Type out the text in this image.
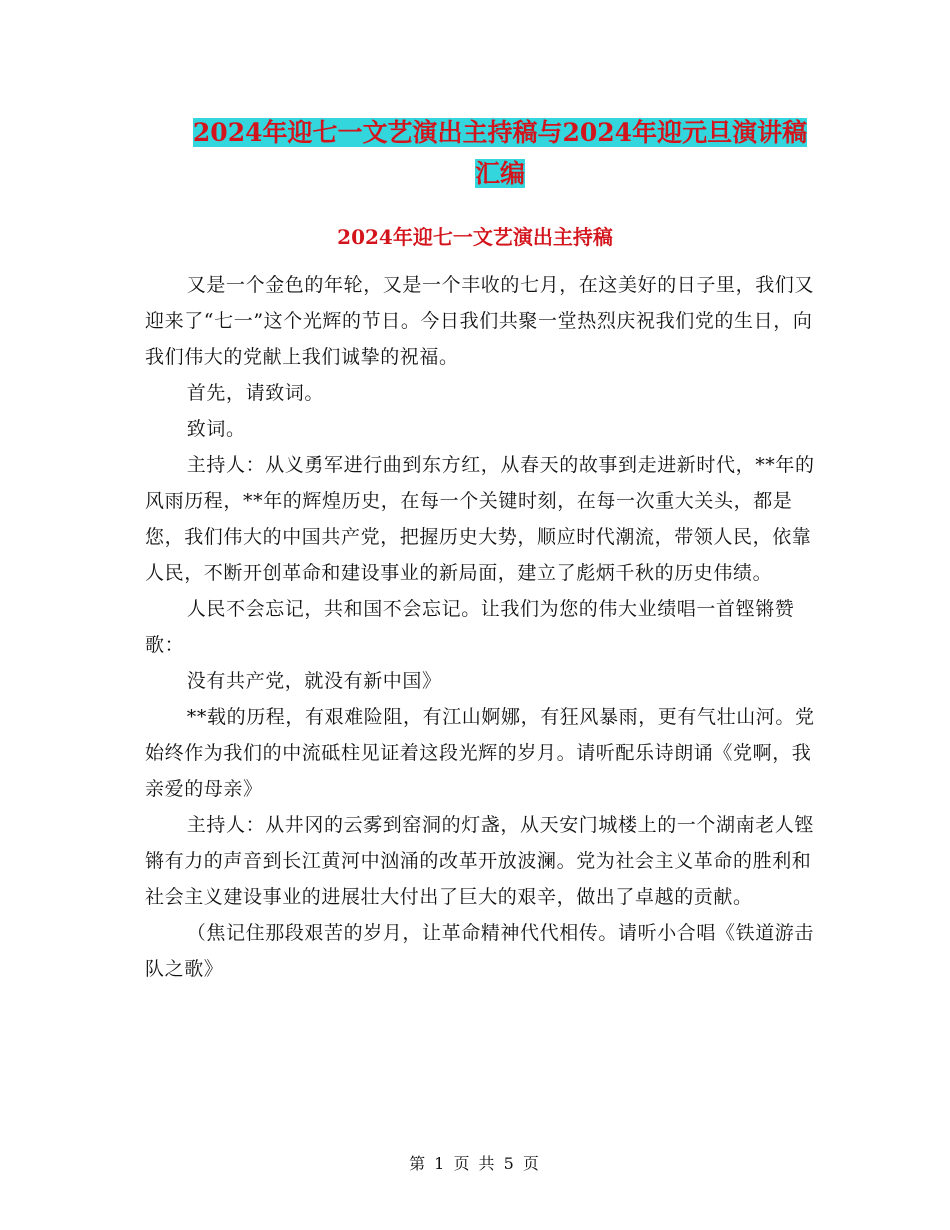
2024年迎七一文艺演出主持稿与2024年迎元旦演讲稿
汇编
2024年迎七一文艺演出主持稿

又是一个金色的年轮，又是一个丰收的七月，在这美好的日子里，我们又迎来了“七一”这个光辉的节日。今日我们共聚一堂热烈庆祝我们党的生日，向我们伟大的党献上我们诚挚的祝福。

首先，请致词。

致词。

主持人：从义勇军进行曲到东方红，从春天的故事到走进新时代，**年的风雨历程，**年的辉煌历史，在每一个关键时刻，在每一次重大关头，都是您，我们伟大的中国共产党，把握历史大势，顺应时代潮流，带领人民，依靠人民，不断开创革命和建设事业的新局面，建立了彪炳千秋的历史伟绩。

人民不会忘记，共和国不会忘记。让我们为您的伟大业绩唱一首铿锵赞歌：

没有共产党，就没有新中国》

**载的历程，有艰难险阻，有江山婀娜，有狂风暴雨，更有气壮山河。党始终作为我们的中流砥柱见证着这段光辉的岁月。请听配乐诗朗诵《党啊，我亲爱的母亲》

主持人：从井冈的云雾到窑洞的灯盏，从天安门城楼上的一个湖南老人铿锵有力的声音到长江黄河中汹涌的改革开放波澜。党为社会主义革命的胜利和社会主义建设事业的进展壮大付出了巨大的艰辛，做出了卓越的贡献。

（焦记住那段艰苦的岁月，让革命精神代代相传。请听小合唱《铁道游击队之歌》

第 1 页 共 5 页
